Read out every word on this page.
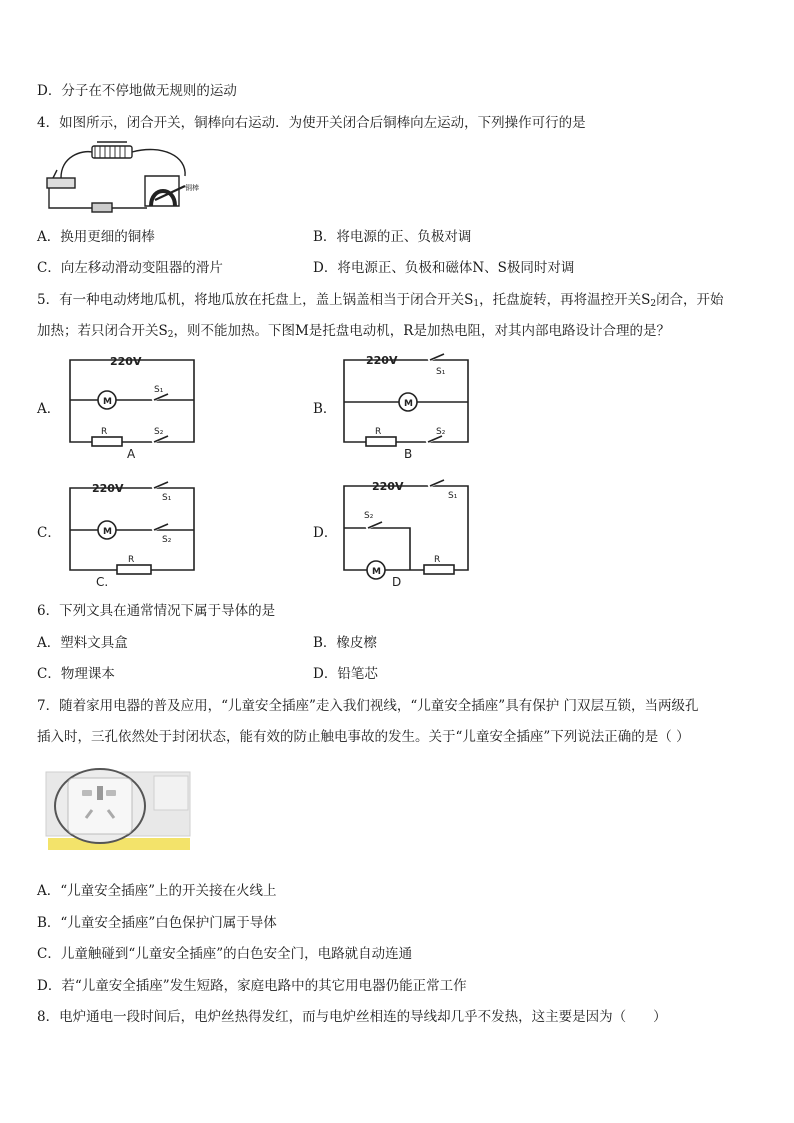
D．分子在不停地做无规则的运动
4．如图所示，闭合开关，铜棒向右运动．为使开关闭合后铜棒向左运动，下列操作可行的是
铜棒
A．换用更细的铜棒	B．将电源的正、负极对调
C．向左移动滑动变阻器的滑片	D．将电源正、负极和磁体N、S极同时对调
5．有一种电动烤地瓜机，将地瓜放在托盘上，盖上锅盖相当于闭合开关$S_1$，托盘旋转，再将温控开关$S_2$闭合，开始
加热；若只闭合开关$S_2$，则不能加热。下图M是托盘电动机，R是加热电阻，对其内部电路设计合理的是？
A．
220V
M
S₁
R	S₂
A
B．
220V
M
S₁
R	S₂
B
C．
220V
M
S₁
S₂
R
C.
D．
220V
S₁
S₂
M
R
D
6．下列文具在通常情况下属于导体的是
A．塑料文具盒	B．橡皮檫
C．物理课本	D．铅笔芯
7．随着家用电器的普及应用，“儿童安全插座”走入我们视线，“儿童安全插座”具有保护 门双层互锁，当两级孔
插入时，三孔依然处于封闭状态，能有效的防止触电事故的发生。关于“儿童安全插座”下列说法正确的是（ ）
A．“儿童安全插座”上的开关接在火线上
B．“儿童安全插座”白色保护门属于导体
C．儿童触碰到“儿童安全插座”的白色安全门，电路就自动连通
D．若“儿童安全插座”发生短路，家庭电路中的其它用电器仍能正常工作
8．电炉通电一段时间后，电炉丝热得发红，而与电炉丝相连的导线却几乎不发热，这主要是因为（　　）
